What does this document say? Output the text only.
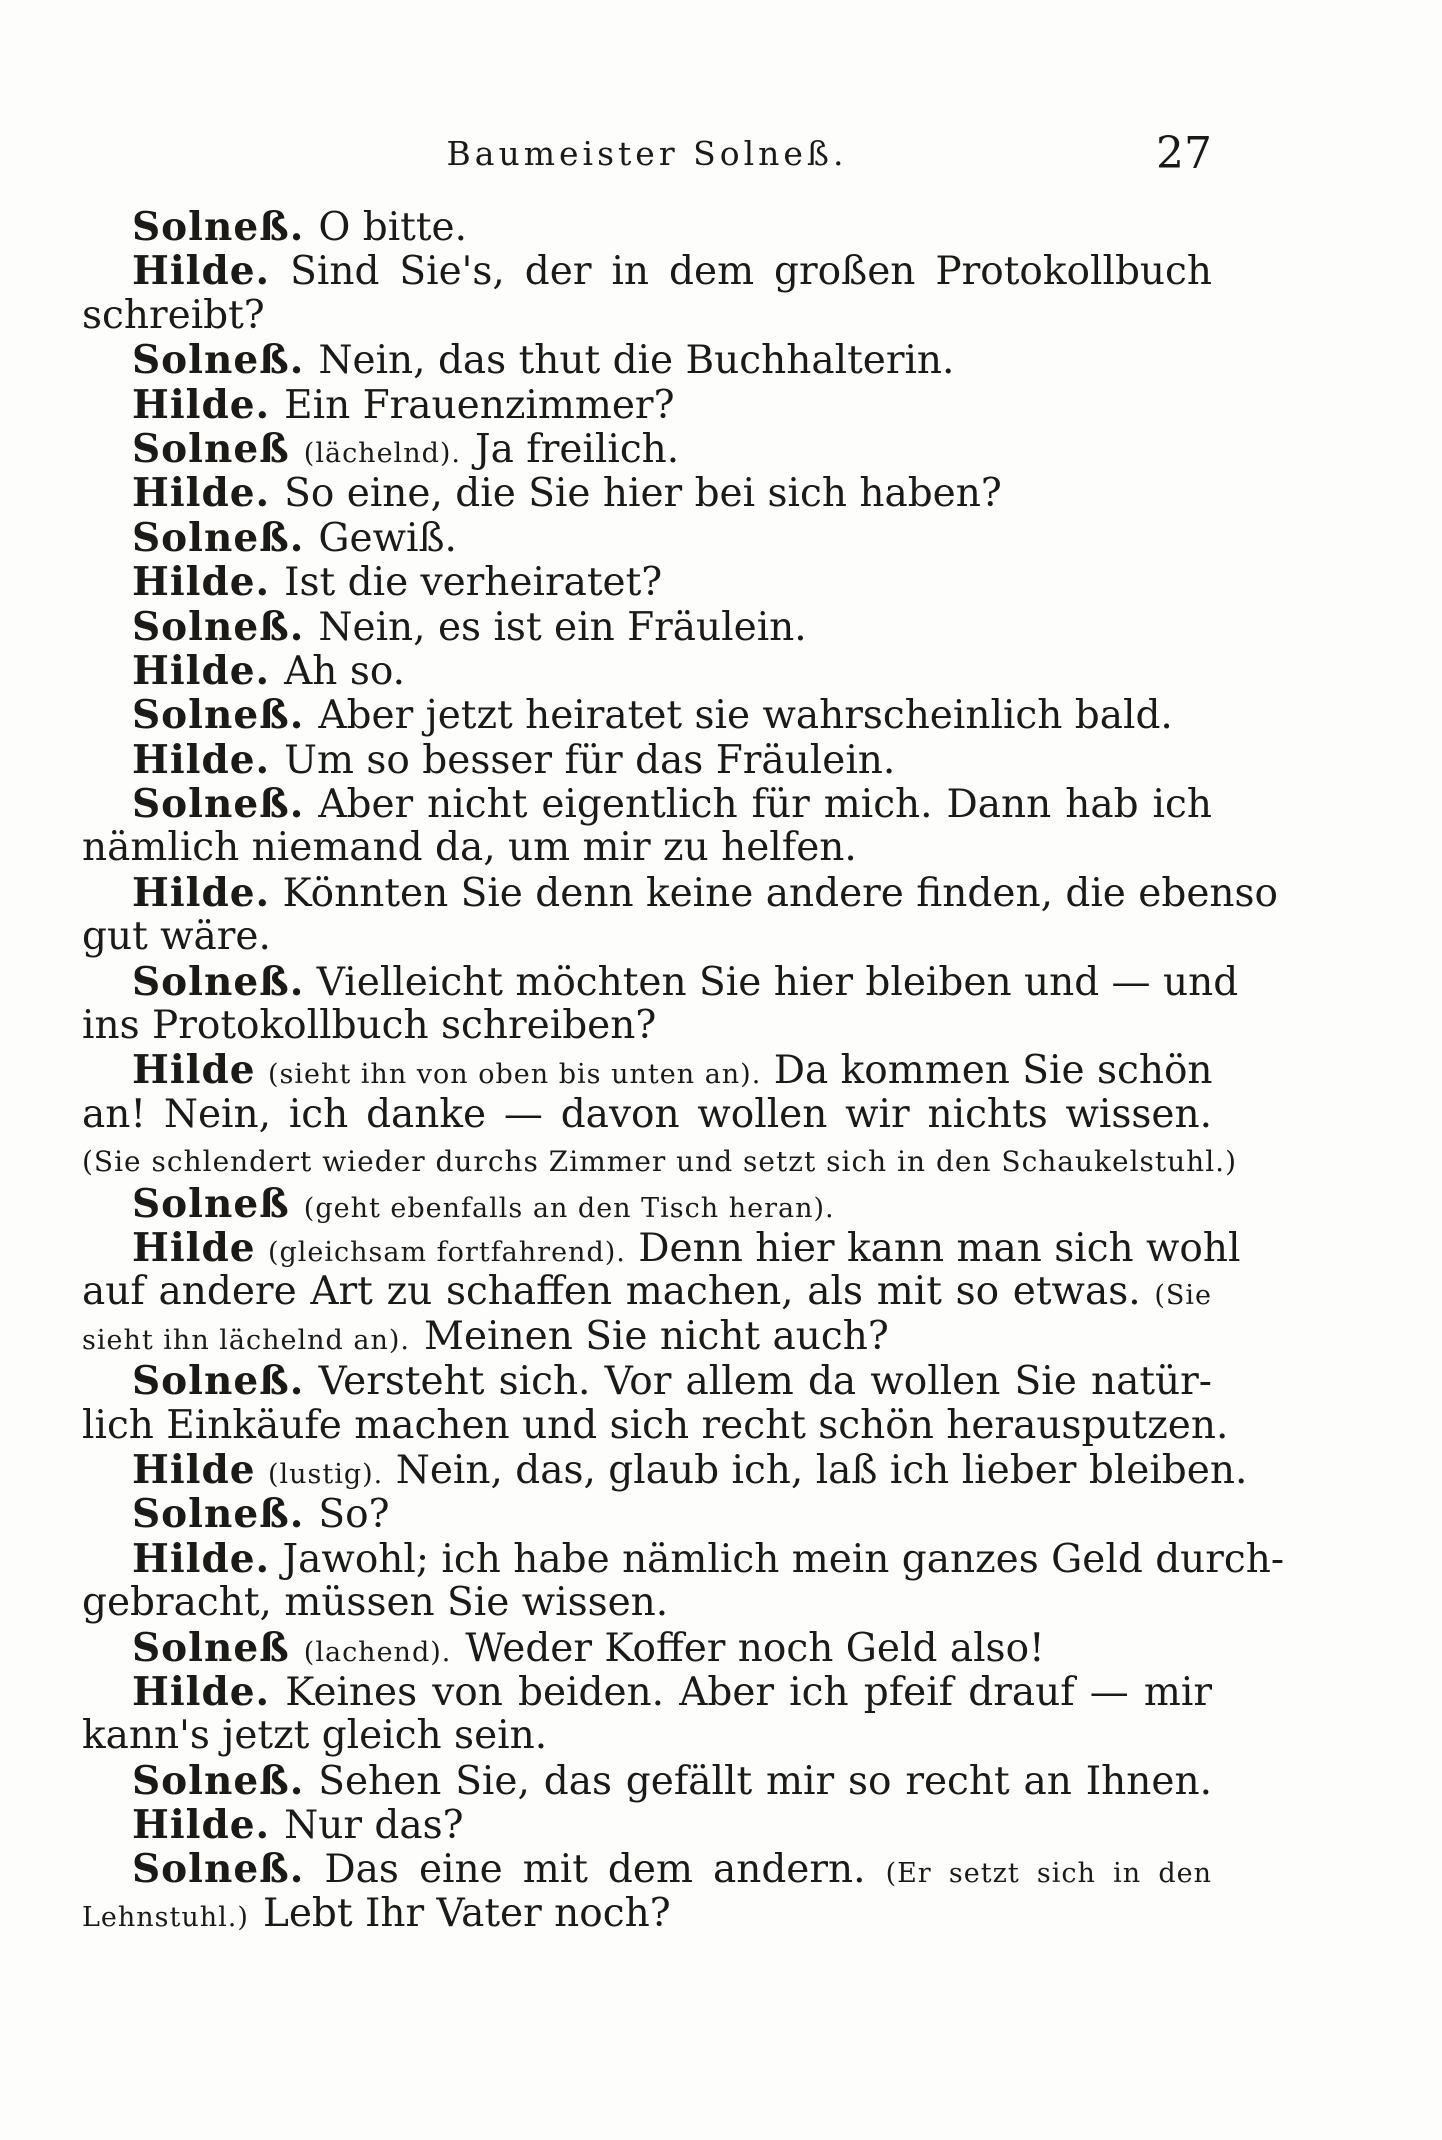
Baumeister Solneß.	27
Solneß. O bitte.
Hilde. Sind Sie's, der in dem großen Protokollbuch
schreibt?
Solneß. Nein, das thut die Buchhalterin.
Hilde. Ein Frauenzimmer?
Solneß (lächelnd). Ja freilich.
Hilde. So eine, die Sie hier bei sich haben?
Solneß. Gewiß.
Hilde. Ist die verheiratet?
Solneß. Nein, es ist ein Fräulein.
Hilde. Ah so.
Solneß. Aber jetzt heiratet sie wahrscheinlich bald.
Hilde. Um so besser für das Fräulein.
Solneß. Aber nicht eigentlich für mich. Dann hab ich
nämlich niemand da, um mir zu helfen.
Hilde. Könnten Sie denn keine andere finden, die ebenso
gut wäre.
Solneß. Vielleicht möchten Sie hier bleiben und — und
ins Protokollbuch schreiben?
Hilde (sieht ihn von oben bis unten an). Da kommen Sie schön
an! Nein, ich danke — davon wollen wir nichts wissen.
(Sie schlendert wieder durchs Zimmer und setzt sich in den Schaukelstuhl.)
Solneß (geht ebenfalls an den Tisch heran).
Hilde (gleichsam fortfahrend). Denn hier kann man sich wohl
auf andere Art zu schaffen machen, als mit so etwas. (Sie
sieht ihn lächelnd an). Meinen Sie nicht auch?
Solneß. Versteht sich. Vor allem da wollen Sie natür-
lich Einkäufe machen und sich recht schön herausputzen.
Hilde (lustig). Nein, das, glaub ich, laß ich lieber bleiben.
Solneß. So?
Hilde. Jawohl; ich habe nämlich mein ganzes Geld durch-
gebracht, müssen Sie wissen.
Solneß (lachend). Weder Koffer noch Geld also!
Hilde. Keines von beiden. Aber ich pfeif drauf — mir
kann's jetzt gleich sein.
Solneß. Sehen Sie, das gefällt mir so recht an Ihnen.
Hilde. Nur das?
Solneß. Das eine mit dem andern. (Er setzt sich in den
Lehnstuhl.) Lebt Ihr Vater noch?
